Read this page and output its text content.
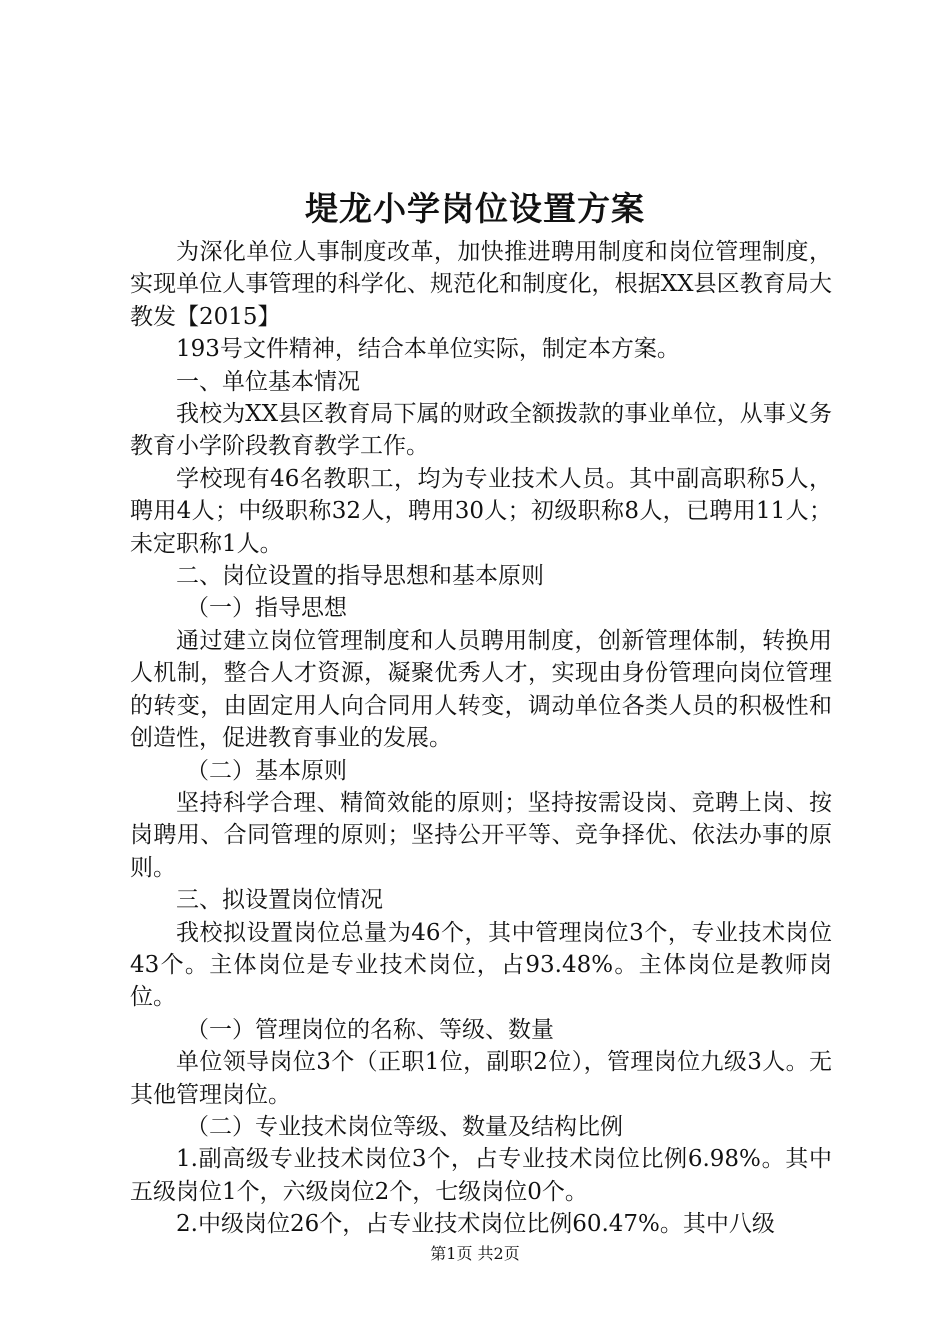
堤龙小学岗位设置方案

为深化单位人事制度改革，加快推进聘用制度和岗位管理制度，实现单位人事管理的科学化、规范化和制度化，根据XX县区教育局大教发【2015】

193号文件精神，结合本单位实际，制定本方案。

一、单位基本情况

我校为XX县区教育局下属的财政全额拨款的事业单位，从事义务教育小学阶段教育教学工作。

学校现有46名教职工，均为专业技术人员。其中副高职称5人，聘用4人；中级职称32人，聘用30人；初级职称8人，已聘用11人；未定职称1人。

二、岗位设置的指导思想和基本原则

（一）指导思想

通过建立岗位管理制度和人员聘用制度，创新管理体制，转换用人机制，整合人才资源，凝聚优秀人才，实现由身份管理向岗位管理的转变，由固定用人向合同用人转变，调动单位各类人员的积极性和创造性，促进教育事业的发展。

（二）基本原则

坚持科学合理、精简效能的原则；坚持按需设岗、竞聘上岗、按岗聘用、合同管理的原则；坚持公开平等、竞争择优、依法办事的原则。

三、拟设置岗位情况

我校拟设置岗位总量为46个，其中管理岗位3个，专业技术岗位43个。主体岗位是专业技术岗位，占93.48%。主体岗位是教师岗位。

（一）管理岗位的名称、等级、数量

单位领导岗位3个（正职1位，副职2位），管理岗位九级3人。无其他管理岗位。

（二）专业技术岗位等级、数量及结构比例

1.副高级专业技术岗位3个，占专业技术岗位比例6.98%。其中五级岗位1个，六级岗位2个，七级岗位0个。

2.中级岗位26个，占专业技术岗位比例60.47%。其中八级

第1页 共2页
